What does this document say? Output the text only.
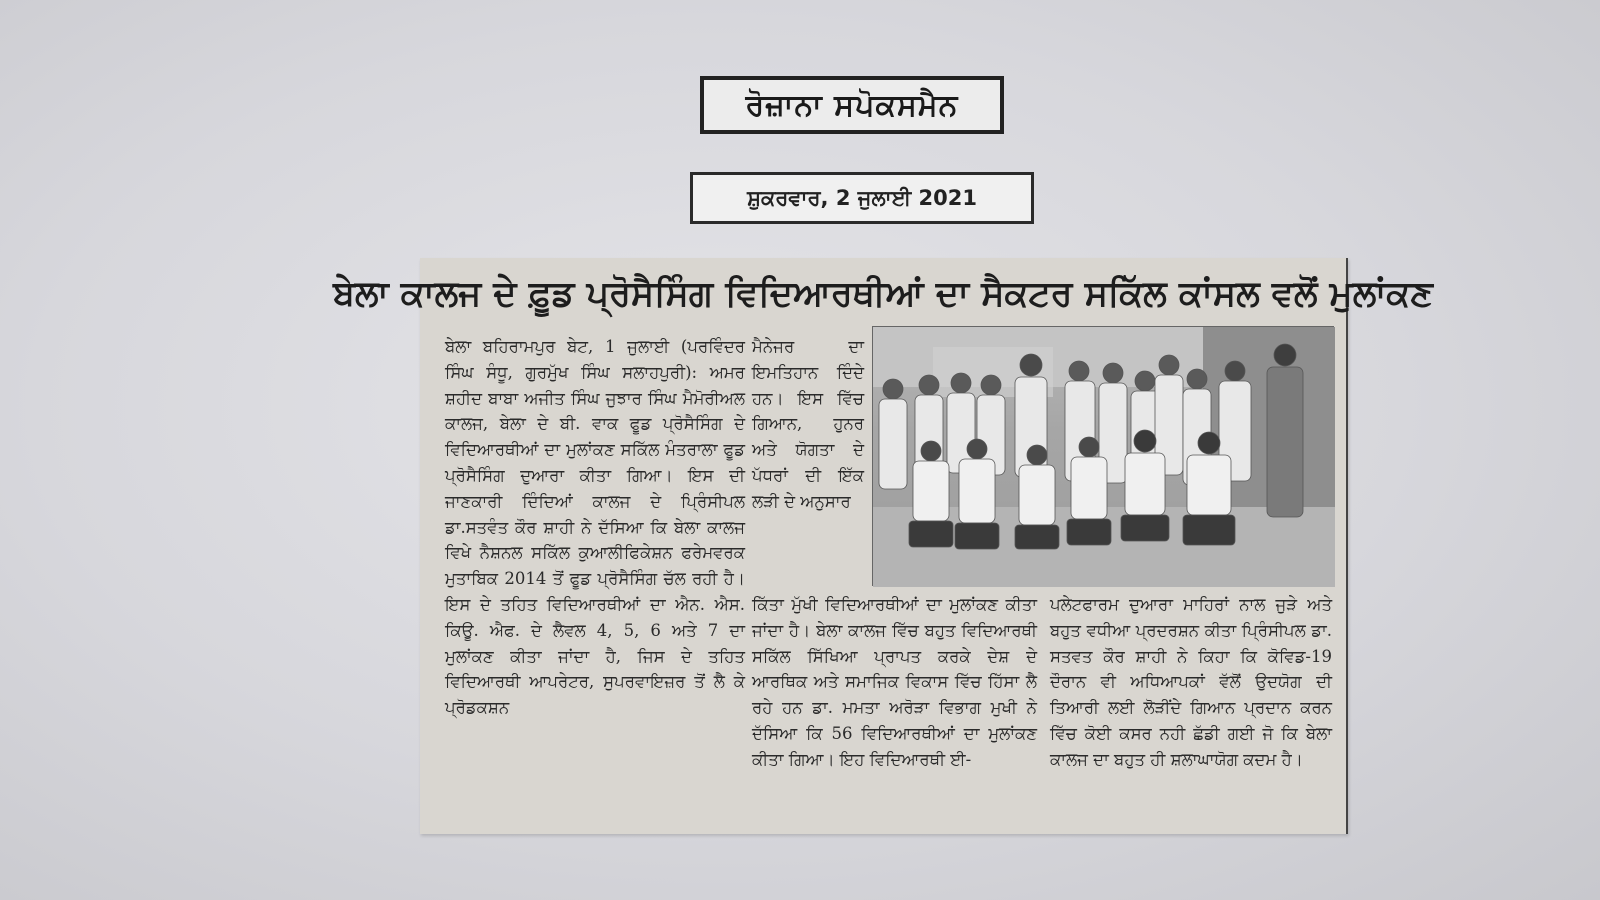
ਰੋਜ਼ਾਨਾ ਸਪੋਕਸਮੈਨ
ਸ਼ੁਕਰਵਾਰ, 2 ਜੁਲਾਈ 2021
ਬੇਲਾ ਕਾਲਜ ਦੇ ਫ਼ੂਡ ਪ੍ਰੋਸੈਸਿੰਗ ਵਿਦਿਆਰਥੀਆਂ ਦਾ ਸੈਕਟਰ ਸਕਿੱਲ ਕਾਂਸਲ ਵਲੋਂ ਮੁਲਾਂਕਣ
ਬੇਲਾ ਬਹਿਰਾਮਪੁਰ ਬੇਟ, 1 ਜੁਲਾਈ (ਪਰਵਿੰਦਰ ਸਿੰਘ ਸੰਧੂ, ਗੁਰਮੁੱਖ ਸਿੰਘ ਸਲਾਹਪੁਰੀ): ਅਮਰ ਸ਼ਹੀਦ ਬਾਬਾ ਅਜੀਤ ਸਿੰਘ ਜੁਝਾਰ ਸਿੰਘ ਮੈਮੋਰੀਅਲ ਕਾਲਜ, ਬੇਲਾ ਦੇ ਬੀ. ਵਾਕ ਫੂਡ ਪ੍ਰੋਸੈਸਿੰਗ ਦੇ ਵਿਦਿਆਰਥੀਆਂ ਦਾ ਮੁਲਾਂਕਣ ਸਕਿੱਲ ਮੰਤਰਾਲਾ ਫੂਡ ਪ੍ਰੋਸੈਸਿੰਗ ਦੁਆਰਾ ਕੀਤਾ ਗਿਆ। ਇਸ ਦੀ ਜਾਣਕਾਰੀ ਦਿੰਦਿਆਂ ਕਾਲਜ ਦੇ ਪ੍ਰਿੰਸੀਪਲ ਡਾ.ਸਤਵੰਤ ਕੌਰ ਸ਼ਾਹੀ ਨੇ ਦੱਸਿਆ ਕਿ ਬੇਲਾ ਕਾਲਜ ਵਿਖੇ ਨੈਸ਼ਨਲ ਸਕਿੱਲ ਕੁਆਲੀਫਿਕੇਸ਼ਨ ਫਰੇਮਵਰਕ ਮੁਤਾਬਿਕ 2014 ਤੋਂ ਫੂਡ ਪ੍ਰੋਸੈਸਿੰਗ ਚੱਲ ਰਹੀ ਹੈ। ਇਸ ਦੇ ਤਹਿਤ ਵਿਦਿਆਰਥੀਆਂ ਦਾ ਐਨ. ਐਸ. ਕਿਊ. ਐਫ. ਦੇ ਲੈਵਲ 4, 5, 6 ਅਤੇ 7 ਦਾ ਮੁਲਾਂਕਣ ਕੀਤਾ ਜਾਂਦਾ ਹੈ, ਜਿਸ ਦੇ ਤਹਿਤ ਵਿਦਿਆਰਥੀ ਆਪਰੇਟਰ, ਸੁਪਰਵਾਇਜ਼ਰ ਤੋਂ ਲੈ ਕੇ ਪ੍ਰੋਡਕਸ਼ਨ
ਮੈਨੇਜਰ ਦਾ ਇਮਤਿਹਾਨ ਦਿੰਦੇ ਹਨ। ਇਸ ਵਿੱਚ ਗਿਆਨ, ਹੁਨਰ ਅਤੇ ਯੋਗਤਾ ਦੇ ਪੱਧਰਾਂ ਦੀ ਇੱਕ ਲੜੀ ਦੇ ਅਨੁਸਾਰ
ਕਿੱਤਾ ਮੁੱਖੀ ਵਿਦਿਆਰਥੀਆਂ ਦਾ ਮੁਲਾਂਕਣ ਕੀਤਾ ਜਾਂਦਾ ਹੈ। ਬੇਲਾ ਕਾਲਜ ਵਿੱਚ ਬਹੁਤ ਵਿਦਿਆਰਥੀ ਸਕਿੱਲ ਸਿੱਖਿਆ ਪ੍ਰਾਪਤ ਕਰਕੇ ਦੇਸ਼ ਦੇ ਆਰਥਿਕ ਅਤੇ ਸਮਾਜਿਕ ਵਿਕਾਸ ਵਿੱਚ ਹਿੱਸਾ ਲੈ ਰਹੇ ਹਨ ਡਾ. ਮਮਤਾ ਅਰੋੜਾ ਵਿਭਾਗ ਮੁਖੀ ਨੇ ਦੱਸਿਆ ਕਿ 56 ਵਿਦਿਆਰਥੀਆਂ ਦਾ ਮੁਲਾਂਕਣ ਕੀਤਾ ਗਿਆ। ਇਹ ਵਿਦਿਆਰਥੀ ਈ-
ਪਲੇਟਫਾਰਮ ਦੁਆਰਾ ਮਾਹਿਰਾਂ ਨਾਲ ਜੁੜੇ ਅਤੇ ਬਹੁਤ ਵਧੀਆ ਪ੍ਰਦਰਸ਼ਨ ਕੀਤਾ ਪ੍ਰਿੰਸੀਪਲ ਡਾ. ਸਤਵਤ ਕੌਰ ਸ਼ਾਹੀ ਨੇ ਕਿਹਾ ਕਿ ਕੋਵਿਡ-19 ਦੌਰਾਨ ਵੀ ਅਧਿਆਪਕਾਂ ਵੱਲੋਂ ਉਦਯੋਗ ਦੀ ਤਿਆਰੀ ਲਈ ਲੋੜੀਂਦੇ ਗਿਆਨ ਪ੍ਰਦਾਨ ਕਰਨ ਵਿੱਚ ਕੋਈ ਕਸਰ ਨਹੀ ਛੱਡੀ ਗਈ ਜੋ ਕਿ ਬੇਲਾ ਕਾਲਜ ਦਾ ਬਹੁਤ ਹੀ ਸ਼ਲਾਘਾਯੋਗ ਕਦਮ ਹੈ।
